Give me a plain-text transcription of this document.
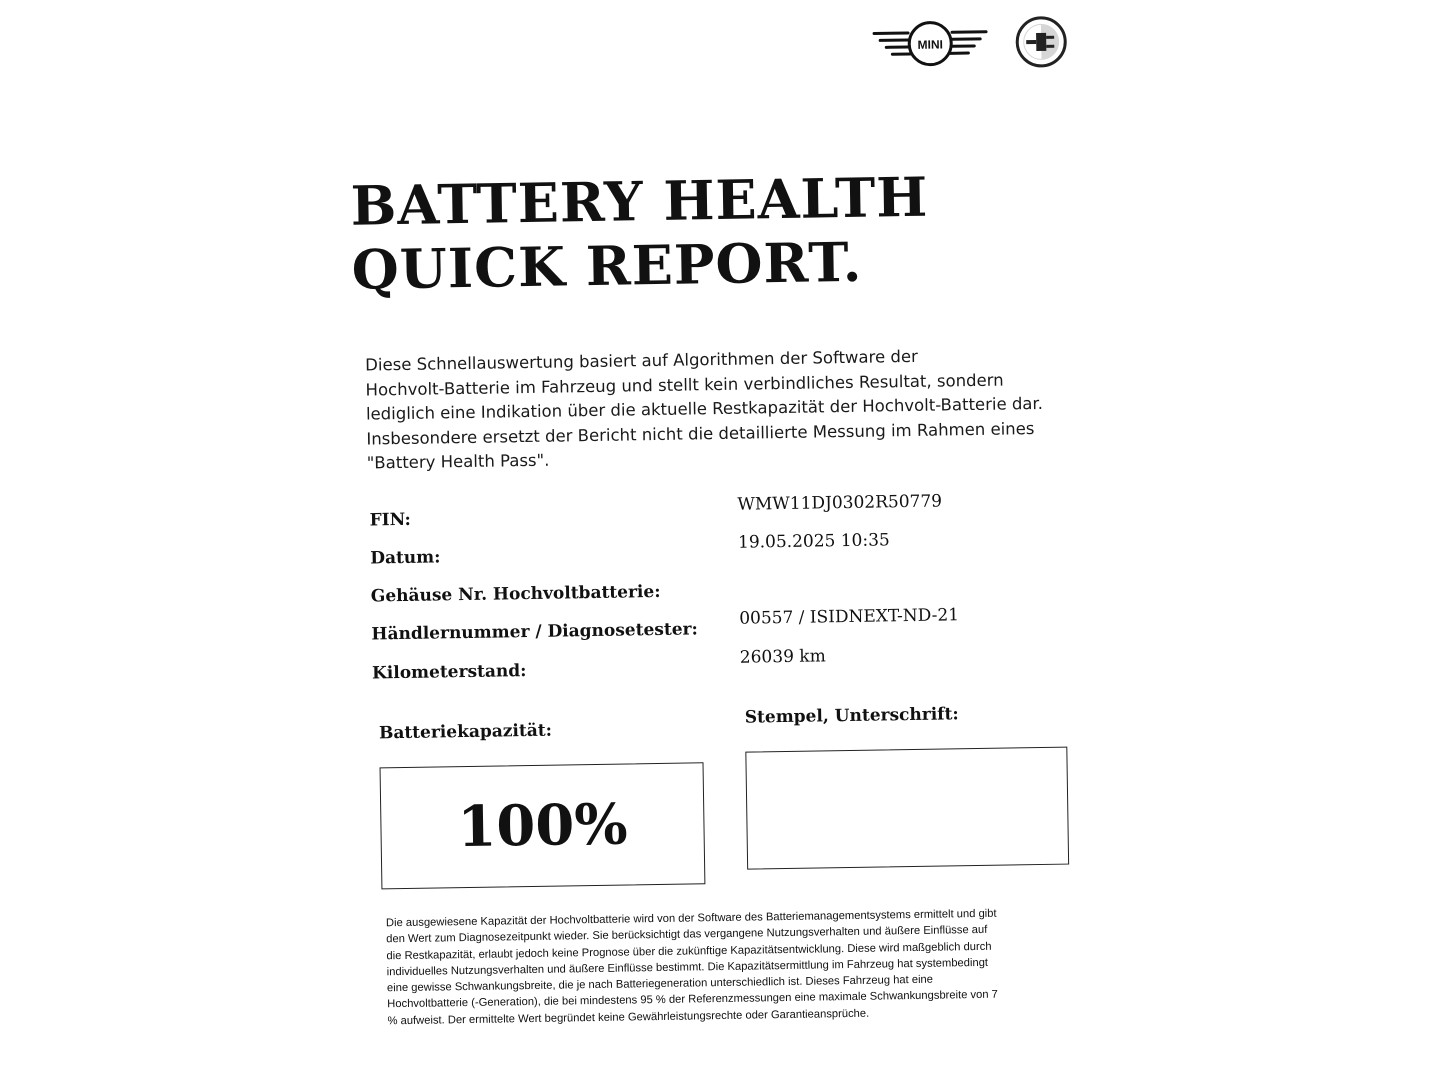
MINI
BATTERY HEALTH
QUICK REPORT.

Diese Schnellauswertung basiert auf Algorithmen der Software der
Hochvolt-Batterie im Fahrzeug und stellt kein verbindliches Resultat, sondern
lediglich eine Indikation über die aktuelle Restkapazität der Hochvolt-Batterie dar.
Insbesondere ersetzt der Bericht nicht die detaillierte Messung im Rahmen eines
"Battery Health Pass".

FIN:
WMW11DJ0302R50779
Datum:
19.05.2025 10:35
Gehäuse Nr. Hochvoltbatterie:
Händlernummer / Diagnosetester:
00557 / ISIDNEXT-ND-21
Kilometerstand:
26039 km
Batteriekapazität:
Stempel, Unterschrift:
100%

Die ausgewiesene Kapazität der Hochvoltbatterie wird von der Software des Batteriemanagementsystems ermittelt und gibt
den Wert zum Diagnosezeitpunkt wieder. Sie berücksichtigt das vergangene Nutzungsverhalten und äußere Einflüsse auf
die Restkapazität, erlaubt jedoch keine Prognose über die zukünftige Kapazitätsentwicklung. Diese wird maßgeblich durch
individuelles Nutzungsverhalten und äußere Einflüsse bestimmt. Die Kapazitätsermittlung im Fahrzeug hat systembedingt
eine gewisse Schwankungsbreite, die je nach Batteriegeneration unterschiedlich ist. Dieses Fahrzeug hat eine
Hochvoltbatterie (-Generation), die bei mindestens 95 % der Referenzmessungen eine maximale Schwankungsbreite von 7
% aufweist. Der ermittelte Wert begründet keine Gewährleistungsrechte oder Garantieansprüche.
